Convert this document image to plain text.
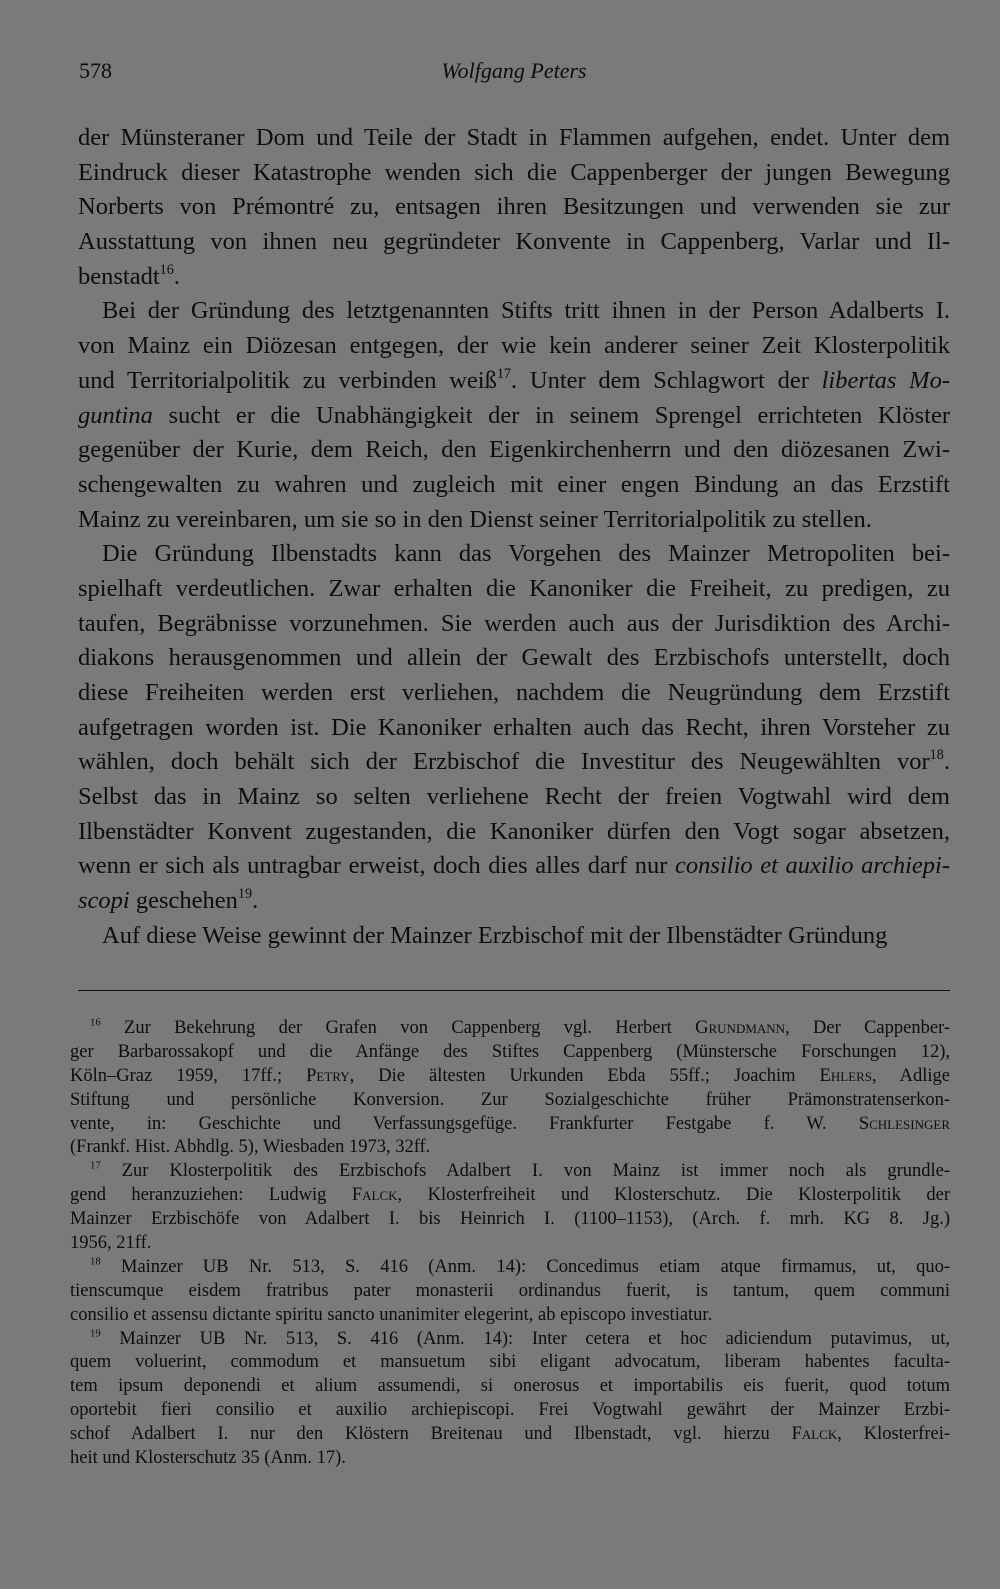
578	Wolfgang Peters
der Münsteraner Dom und Teile der Stadt in Flammen aufgehen, endet. Unter dem
Eindruck dieser Katastrophe wenden sich die Cappenberger der jungen Bewegung
Norberts von Prémontré zu, entsagen ihren Besitzungen und verwenden sie zur
Ausstattung von ihnen neu gegründeter Konvente in Cappenberg, Varlar und Il-
benstadt$^{16}$.
Bei der Gründung des letztgenannten Stifts tritt ihnen in der Person Adalberts I.
von Mainz ein Diözesan entgegen, der wie kein anderer seiner Zeit Klosterpolitik
und Territorialpolitik zu verbinden weiß$^{17}$. Unter dem Schlagwort der libertas Mo-
guntina sucht er die Unabhängigkeit der in seinem Sprengel errichteten Klöster
gegenüber der Kurie, dem Reich, den Eigenkirchenherrn und den diözesanen Zwi-
schengewalten zu wahren und zugleich mit einer engen Bindung an das Erzstift
Mainz zu vereinbaren, um sie so in den Dienst seiner Territorialpolitik zu stellen.
Die Gründung Ilbenstadts kann das Vorgehen des Mainzer Metropoliten bei-
spielhaft verdeutlichen. Zwar erhalten die Kanoniker die Freiheit, zu predigen, zu
taufen, Begräbnisse vorzunehmen. Sie werden auch aus der Jurisdiktion des Archi-
diakons herausgenommen und allein der Gewalt des Erzbischofs unterstellt, doch
diese Freiheiten werden erst verliehen, nachdem die Neugründung dem Erzstift
aufgetragen worden ist. Die Kanoniker erhalten auch das Recht, ihren Vorsteher zu
wählen, doch behält sich der Erzbischof die Investitur des Neugewählten vor$^{18}$.
Selbst das in Mainz so selten verliehene Recht der freien Vogtwahl wird dem
Ilbenstädter Konvent zugestanden, die Kanoniker dürfen den Vogt sogar absetzen,
wenn er sich als untragbar erweist, doch dies alles darf nur consilio et auxilio archiepi-
scopi geschehen$^{19}$.
Auf diese Weise gewinnt der Mainzer Erzbischof mit der Ilbenstädter Gründung
$^{16}$ Zur Bekehrung der Grafen von Cappenberg vgl. Herbert Grundmann, Der Cappenber-
ger Barbarossakopf und die Anfänge des Stiftes Cappenberg (Münstersche Forschungen 12),
Köln–Graz 1959, 17ff.; Petry, Die ältesten Urkunden Ebda 55ff.; Joachim Ehlers, Adlige
Stiftung und persönliche Konversion. Zur Sozialgeschichte früher Prämonstratenserkon-
vente, in: Geschichte und Verfassungsgefüge. Frankfurter Festgabe f. W. Schlesinger
(Frankf. Hist. Abhdlg. 5), Wiesbaden 1973, 32ff.
$^{17}$ Zur Klosterpolitik des Erzbischofs Adalbert I. von Mainz ist immer noch als grundle-
gend heranzuziehen: Ludwig Falck, Klosterfreiheit und Klosterschutz. Die Klosterpolitik der
Mainzer Erzbischöfe von Adalbert I. bis Heinrich I. (1100–1153), (Arch. f. mrh. KG 8. Jg.)
1956, 21ff.
$^{18}$ Mainzer UB Nr. 513, S. 416 (Anm. 14): Concedimus etiam atque firmamus, ut, quo-
tienscumque eisdem fratribus pater monasterii ordinandus fuerit, is tantum, quem communi
consilio et assensu dictante spiritu sancto unanimiter elegerint, ab episcopo investiatur.
$^{19}$ Mainzer UB Nr. 513, S. 416 (Anm. 14): Inter cetera et hoc adiciendum putavimus, ut,
quem voluerint, commodum et mansuetum sibi eligant advocatum, liberam habentes faculta-
tem ipsum deponendi et alium assumendi, si onerosus et importabilis eis fuerit, quod totum
oportebit fieri consilio et auxilio archiepiscopi. Frei Vogtwahl gewährt der Mainzer Erzbi-
schof Adalbert I. nur den Klöstern Breitenau und Ilbenstadt, vgl. hierzu Falck, Klosterfrei-
heit und Klosterschutz 35 (Anm. 17).
